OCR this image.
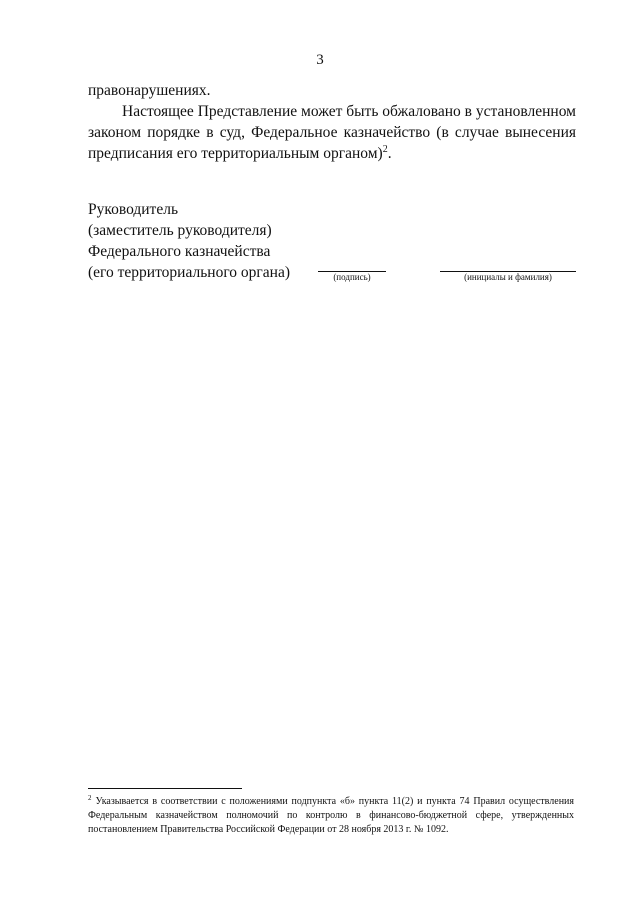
3

правонарушениях.

Настоящее Представление может быть обжаловано в установленном законом порядке в суд, Федеральное казначейство (в случае вынесения предписания его территориальным органом)$^2$.

Руководитель
(заместитель руководителя)
Федерального казначейства
(его территориального органа)	(подпись)	(инициалы и фамилия)
$^2$ Указывается в соответствии с положениями подпункта «б» пункта 11(2) и пункта 74 Правил осуществления Федеральным казначейством полномочий по контролю в финансово-бюджетной сфере, утвержденных постановлением Правительства Российской Федерации от 28 ноября 2013 г. № 1092.
